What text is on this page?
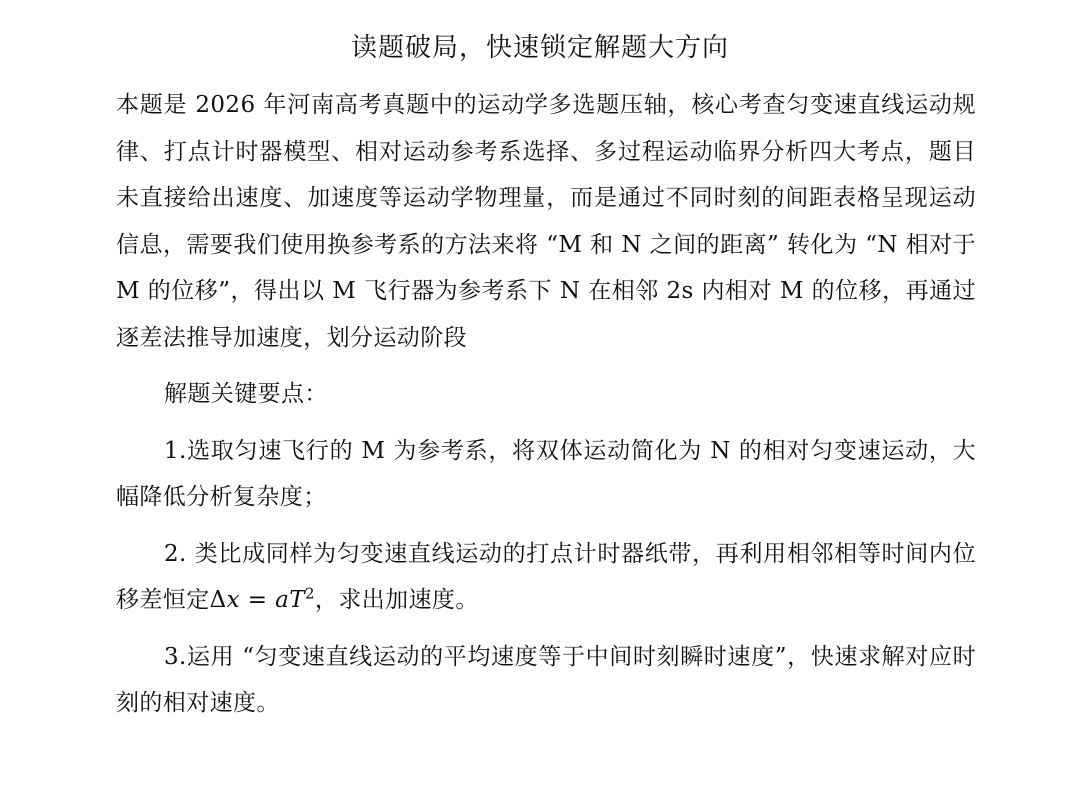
读题破局，快速锁定解题大方向

本题是 2026 年河南高考真题中的运动学多选题压轴，核心考查匀变速直线运动规律、打点计时器模型、相对运动参考系选择、多过程运动临界分析四大考点，题目未直接给出速度、加速度等运动学物理量，而是通过不同时刻的间距表格呈现运动信息，需要我们使用换参考系的方法来将 “M 和 N 之间的距离” 转化为 “N 相对于 M 的位移”，得出以 M 飞行器为参考系下 N 在相邻 2s 内相对 M 的位移，再通过逐差法推导加速度，划分运动阶段

解题关键要点：

1.选取匀速飞行的 M 为参考系，将双体运动简化为 N 的相对匀变速运动，大幅降低分析复杂度；

2. 类比成同样为匀变速直线运动的打点计时器纸带，再利用相邻相等时间内位移差恒定Δ𝑥 = 𝑎𝑇$^2$，求出加速度。

3.运用 “匀变速直线运动的平均速度等于中间时刻瞬时速度”，快速求解对应时刻的相对速度。
